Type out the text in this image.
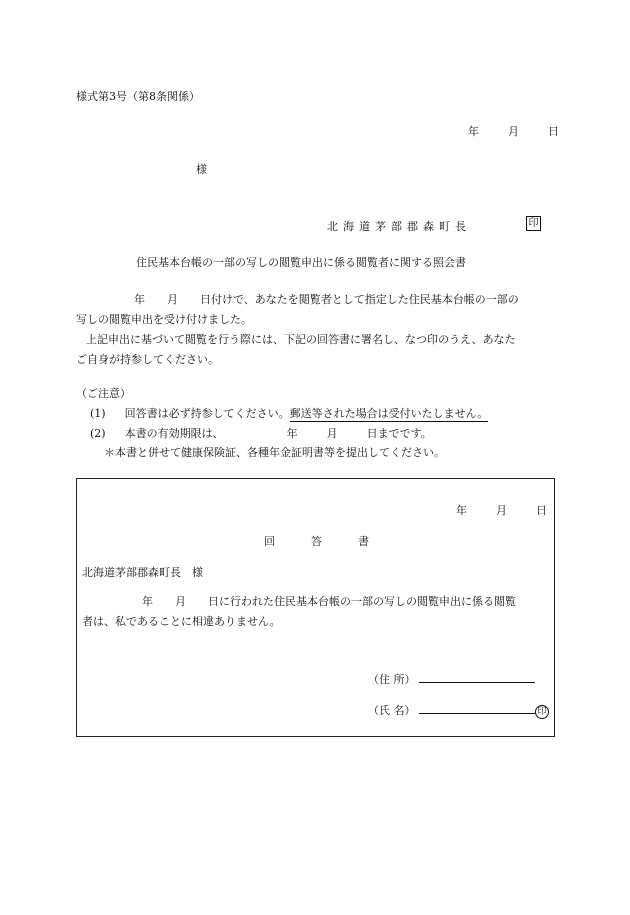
様式第3号（第8条関係）
年	月	日
様
北海道茅部郡森町長	印
住民基本台帳の一部の写しの閲覧申出に係る閲覧者に関する照会書
年 月 日付けで、あなたを閲覧者として指定した住民基本台帳の一部の
写しの閲覧申出を受け付けました。
上記申出に基づいて閲覧を行う際には、下記の回答書に署名し、なつ印のうえ、あなた
ご自身が持参してください。
（ご注意）
(1) 回答書は必ず持参してください。郵送等された場合は受付いたしません。
(2) 本書の有効期限は、	年	月	日までです。
＊本書と併せて健康保険証、各種年金証明書等を提出してください。
年	月	日
回	答	書
北海道茅部郡森町長　様
年 月 日に行われた住民基本台帳の一部の写しの閲覧申出に係る閲覧
者は、私であることに相違ありません。
（住 所）
（氏 名）	印
